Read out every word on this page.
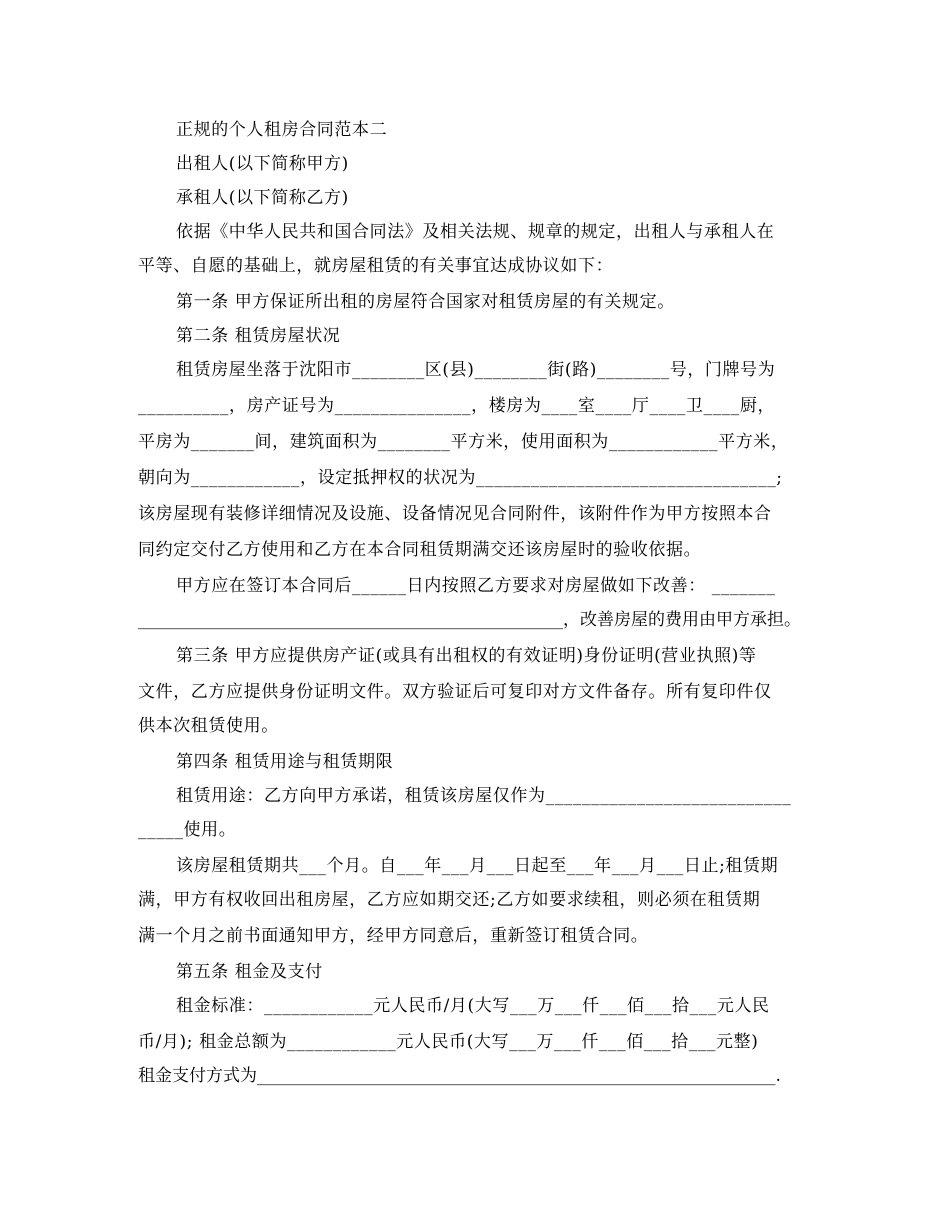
正规的个人租房合同范本二
出租人(以下简称甲方)
承租人(以下简称乙方)
依据《中华人民共和国合同法》及相关法规、规章的规定，出租人与承租人在
平等、自愿的基础上，就房屋租赁的有关事宜达成协议如下：
第一条 甲方保证所出租的房屋符合国家对租赁房屋的有关规定。
第二条 租赁房屋状况
租赁房屋坐落于沈阳市________区(县)________街(路)________号，门牌号为
__________，房产证号为_______________，楼房为____室____厅____卫____厨，
平房为_______间，建筑面积为________平方米，使用面积为____________平方米，
朝向为____________，设定抵押权的状况为_________________________________;
该房屋现有装修详细情况及设施、设备情况见合同附件，该附件作为甲方按照本合
同约定交付乙方使用和乙方在本合同租赁期满交还该房屋时的验收依据。
甲方应在签订本合同后______日内按照乙方要求对房屋做如下改善： _______
__________________________________________________，改善房屋的费用由甲方承担。
第三条 甲方应提供房产证(或具有出租权的有效证明)身份证明(营业执照)等
文件，乙方应提供身份证明文件。双方验证后可复印对方文件备存。所有复印件仅
供本次租赁使用。
第四条 租赁用途与租赁期限
租赁用途：乙方向甲方承诺，租赁该房屋仅作为___________________________
_____使用。
该房屋租赁期共___个月。自___年___月___日起至___年___月___日止;租赁期
满，甲方有权收回出租房屋，乙方应如期交还;乙方如要求续租，则必须在租赁期
满一个月之前书面通知甲方，经甲方同意后，重新签订租赁合同。
第五条 租金及支付
租金标准：____________元人民币/月(大写___万___仟___佰___拾___元人民
币/月); 租金总额为____________元人民币(大写___万___仟___佰___拾___元整)
租金支付方式为_____________________________________________________________.
